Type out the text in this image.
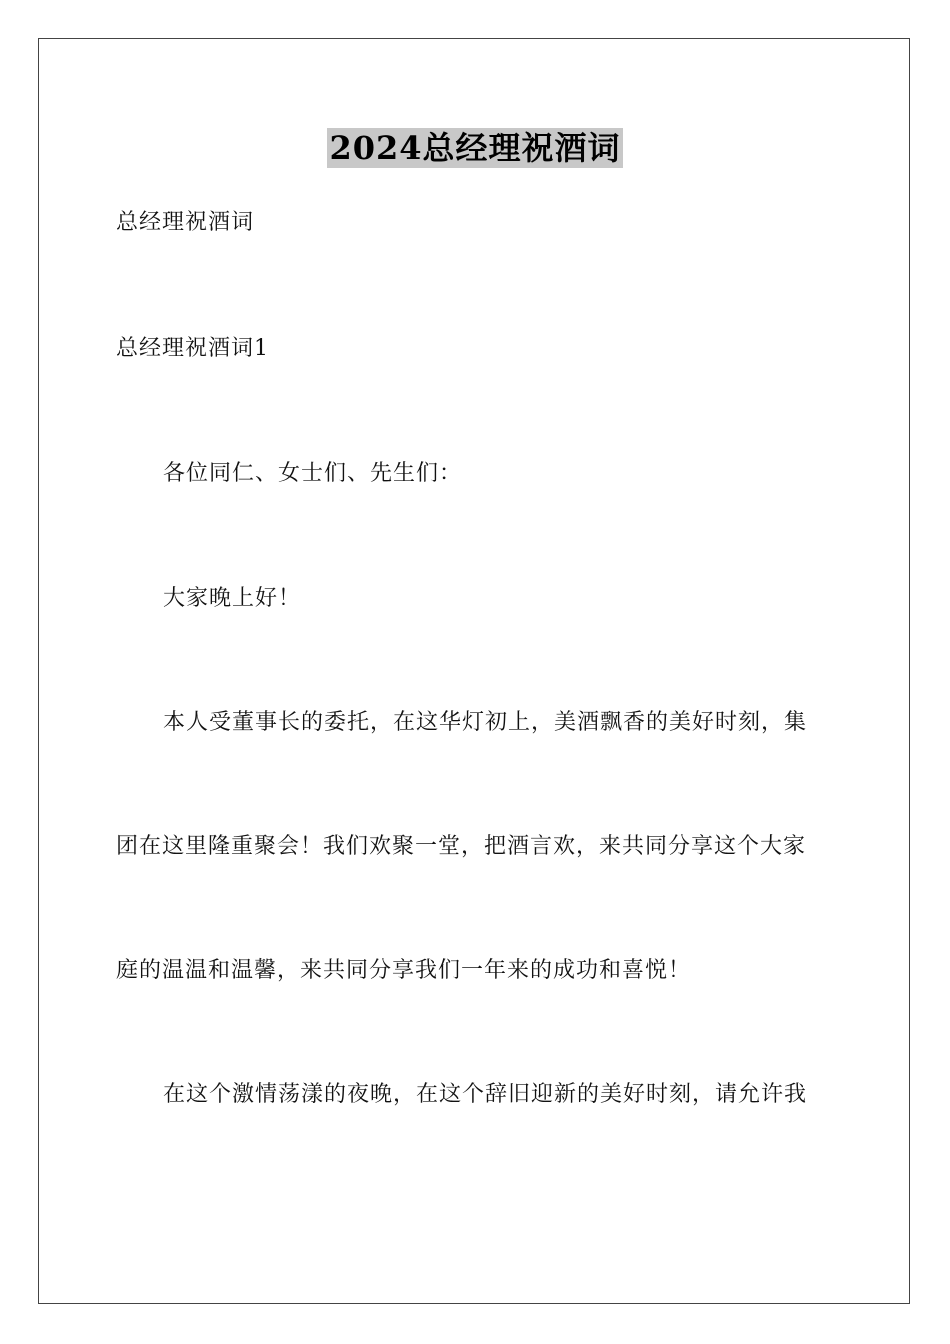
2024总经理祝酒词
总经理祝酒词
总经理祝酒词1
各位同仁、女士们、先生们：
大家晚上好！
本人受董事长的委托，在这华灯初上，美酒飘香的美好时刻，集
团在这里隆重聚会！我们欢聚一堂，把酒言欢，来共同分享这个大家
庭的温温和温馨，来共同分享我们一年来的成功和喜悦！
在这个激情荡漾的夜晚，在这个辞旧迎新的美好时刻，请允许我
